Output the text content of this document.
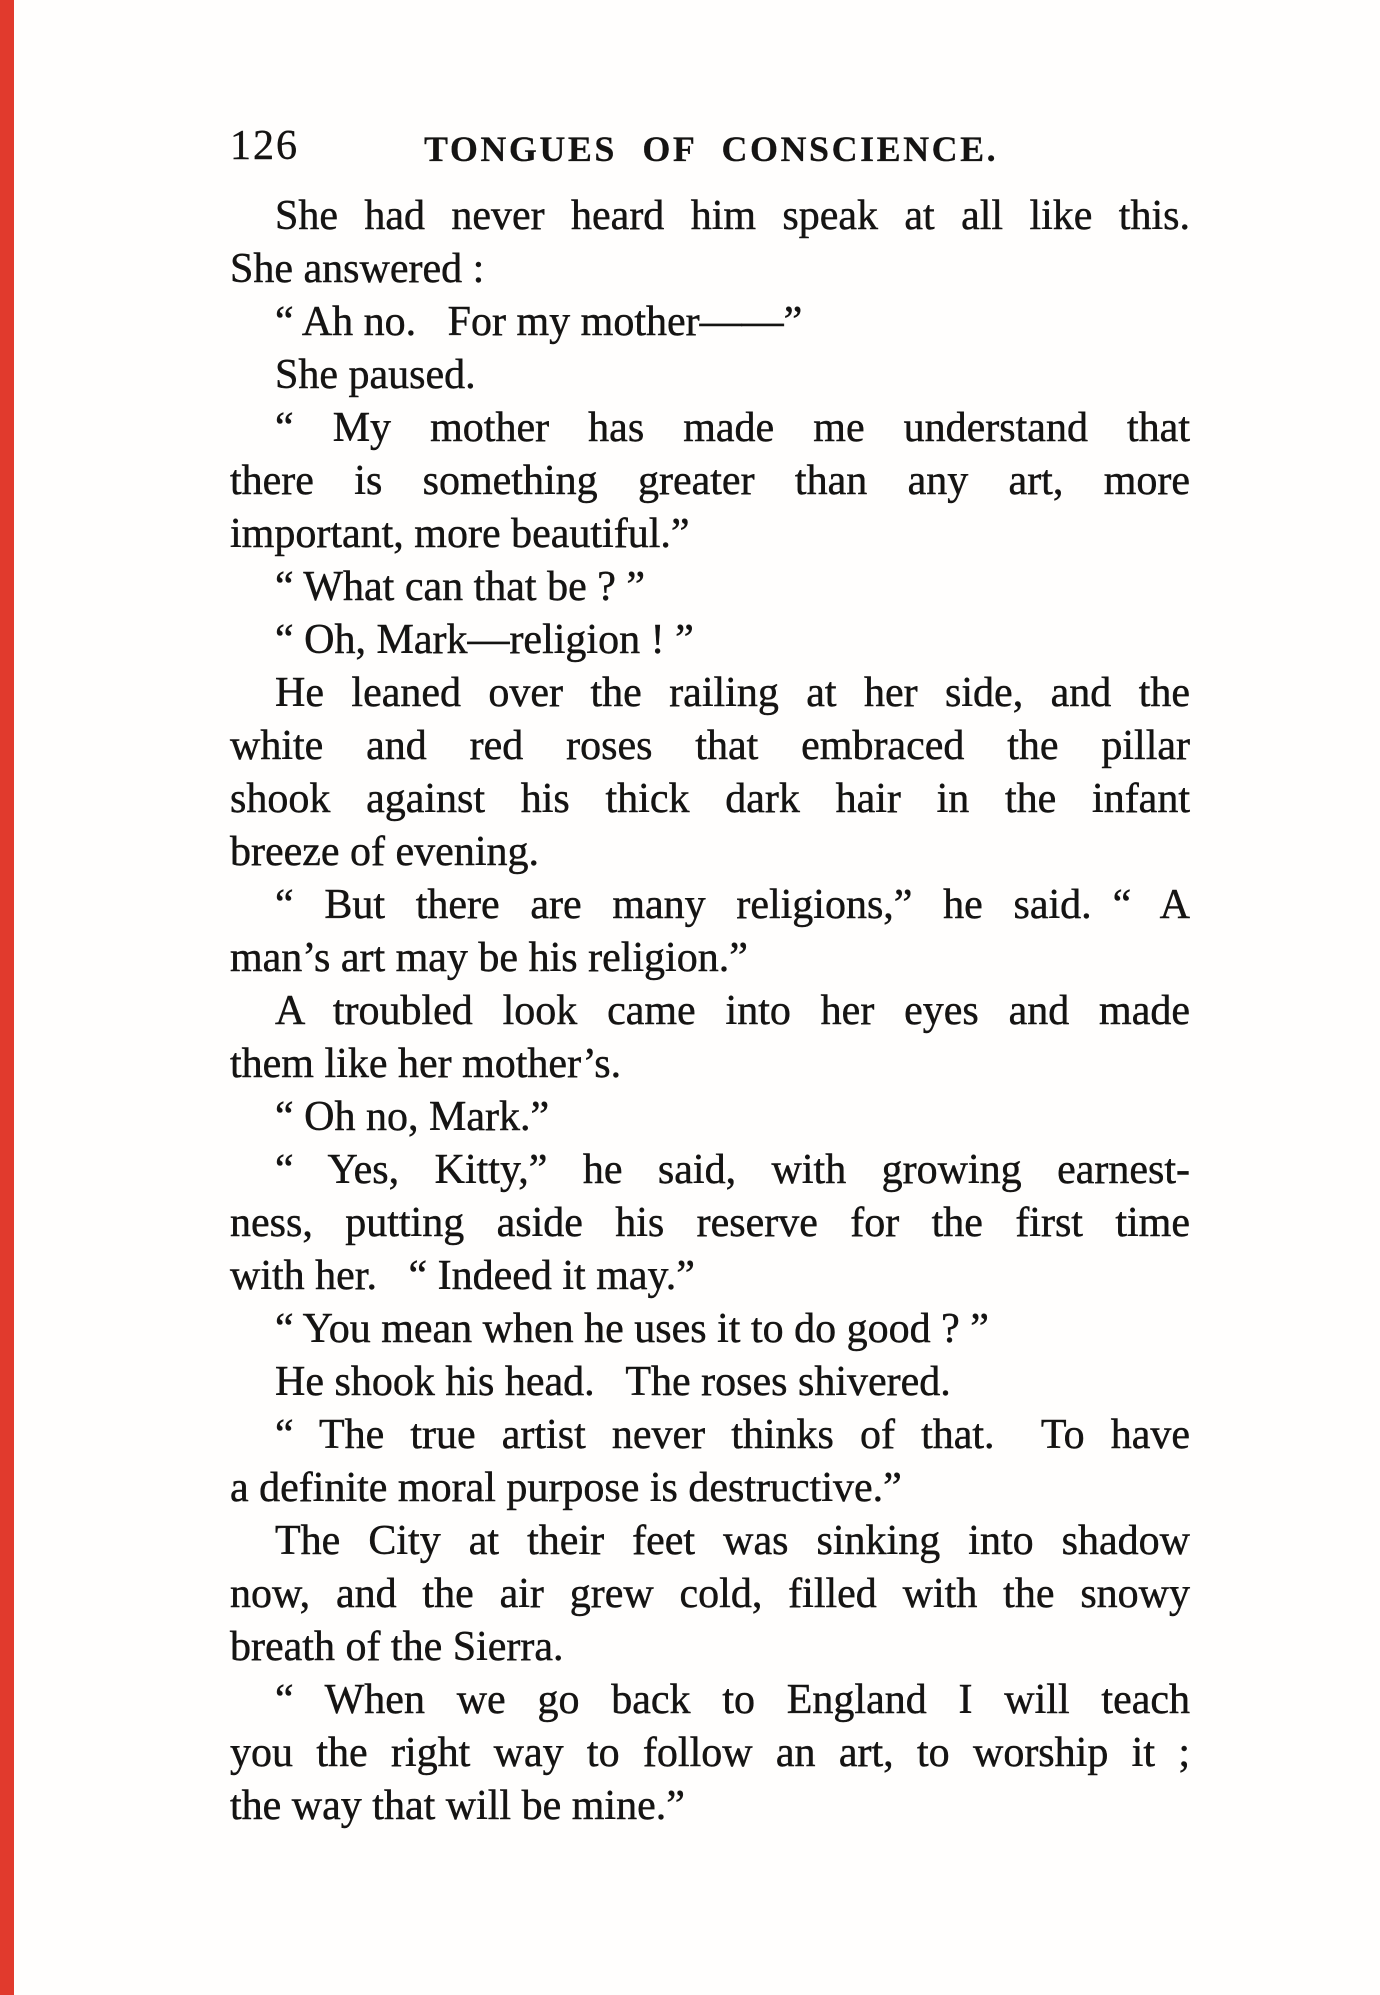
126	TONGUES OF CONSCIENCE.
She had never heard him speak at all like this.
She answered :
“ Ah no.  For my mother——”
She paused.
“ My mother has made me understand that
there is something greater than any art, more
important, more beautiful.”
“ What can that be ? ”
“ Oh, Mark—religion ! ”
He leaned over the railing at her side, and the
white and red roses that embraced the pillar
shook against his thick dark hair in the infant
breeze of evening.
“ But there are many religions,” he said. “ A
man’s art may be his religion.”
A troubled look came into her eyes and made
them like her mother’s.
“ Oh no, Mark.”
“ Yes, Kitty,” he said, with growing earnest-
ness, putting aside his reserve for the first time
with her.  “ Indeed it may.”
“ You mean when he uses it to do good ? ”
He shook his head.  The roses shivered.
“ The true artist never thinks of that.  To have
a definite moral purpose is destructive.”
The City at their feet was sinking into shadow
now, and the air grew cold, filled with the snowy
breath of the Sierra.
“ When we go back to England I will teach
you the right way to follow an art, to worship it ;
the way that will be mine.”
